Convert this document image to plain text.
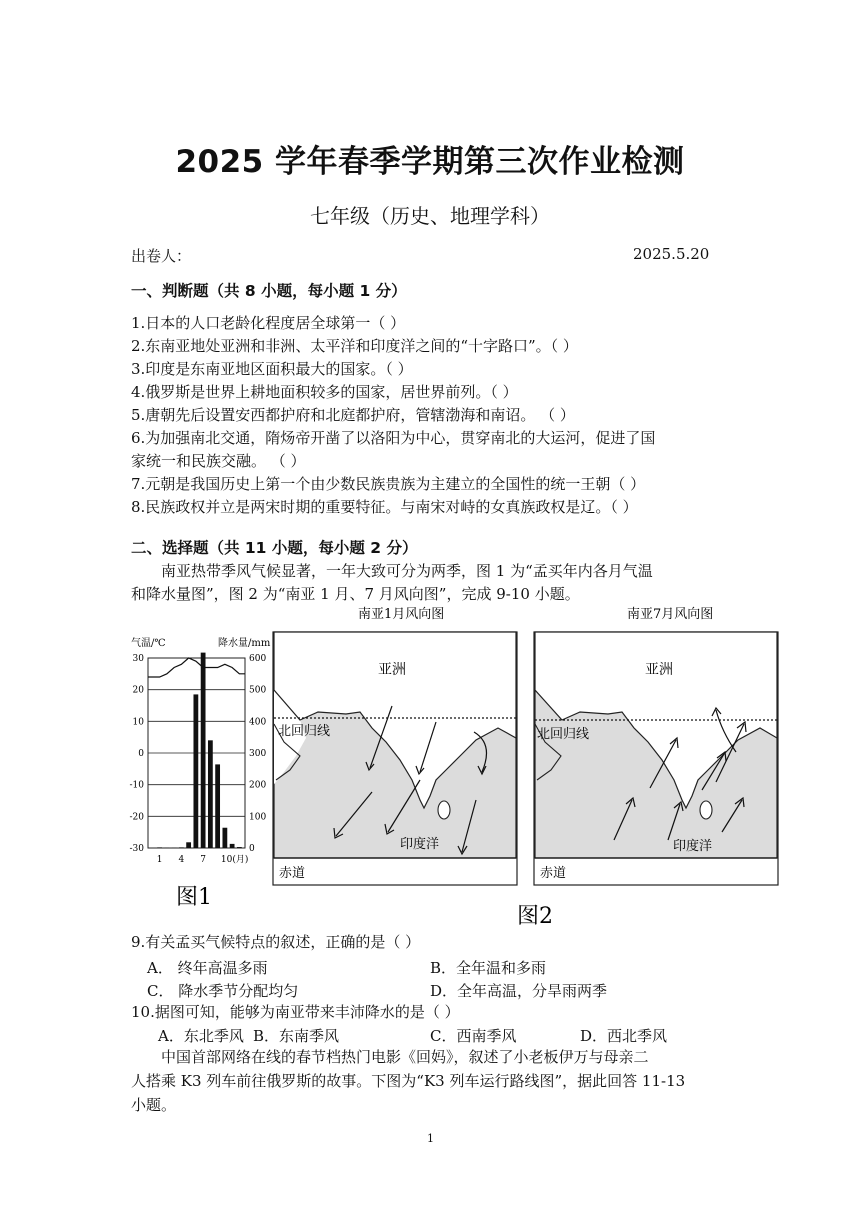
2025 学年春季学期第三次作业检测
七年级（历史、地理学科）
出卷人：	2025.5.20
一、判断题（共 8 小题，每小题 1 分）
1.日本的人口老龄化程度居全球第一（ ）
2.东南亚地处亚洲和非洲、太平洋和印度洋之间的“十字路口”。（ ）
3.印度是东南亚地区面积最大的国家。（ ）
4.俄罗斯是世界上耕地面积较多的国家，居世界前列。（ ）
5.唐朝先后设置安西都护府和北庭都护府，管辖渤海和南诏。 （ ）
6.为加强南北交通，隋炀帝开凿了以洛阳为中心，贯穿南北的大运河，促进了国
家统一和民族交融。 （ ）
7.元朝是我国历史上第一个由少数民族贵族为主建立的全国性的统一王朝（ ）
8.民族政权并立是两宋时期的重要特征。与南宋对峙的女真族政权是辽。（ ）
二、选择题（共 11 小题，每小题 2 分）
南亚热带季风气候显著，一年大致可分为两季，图 1 为“孟买年内各月气温
和降水量图”，图 2 为“南亚 1 月、7 月风向图”，完成 9-10 小题。
气温/℃	降水量/mm
30
20
10
0
-10
-20
-30
600
500
400
300
200
100
0
1 4 7 10(月)
图1
南亚1月风向图
亚洲
北回归线
印度洋
赤道
南亚7月风向图
亚洲
北回归线
印度洋
赤道
图2
9.有关孟买气候特点的叙述，正确的是（ ）
A． 终年高温多雨	B．全年温和多雨
C． 降水季节分配均匀	D．全年高温，分旱雨两季
10.据图可知，能够为南亚带来丰沛降水的是（ ）
A．东北季风 B．东南季风	C．西南季风	D．西北季风
中国首部网络在线的春节档热门电影《回妈》，叙述了小老板伊万与母亲二
人搭乘 K3 列车前往俄罗斯的故事。下图为“K3 列车运行路线图”，据此回答 11-13
小题。
1
